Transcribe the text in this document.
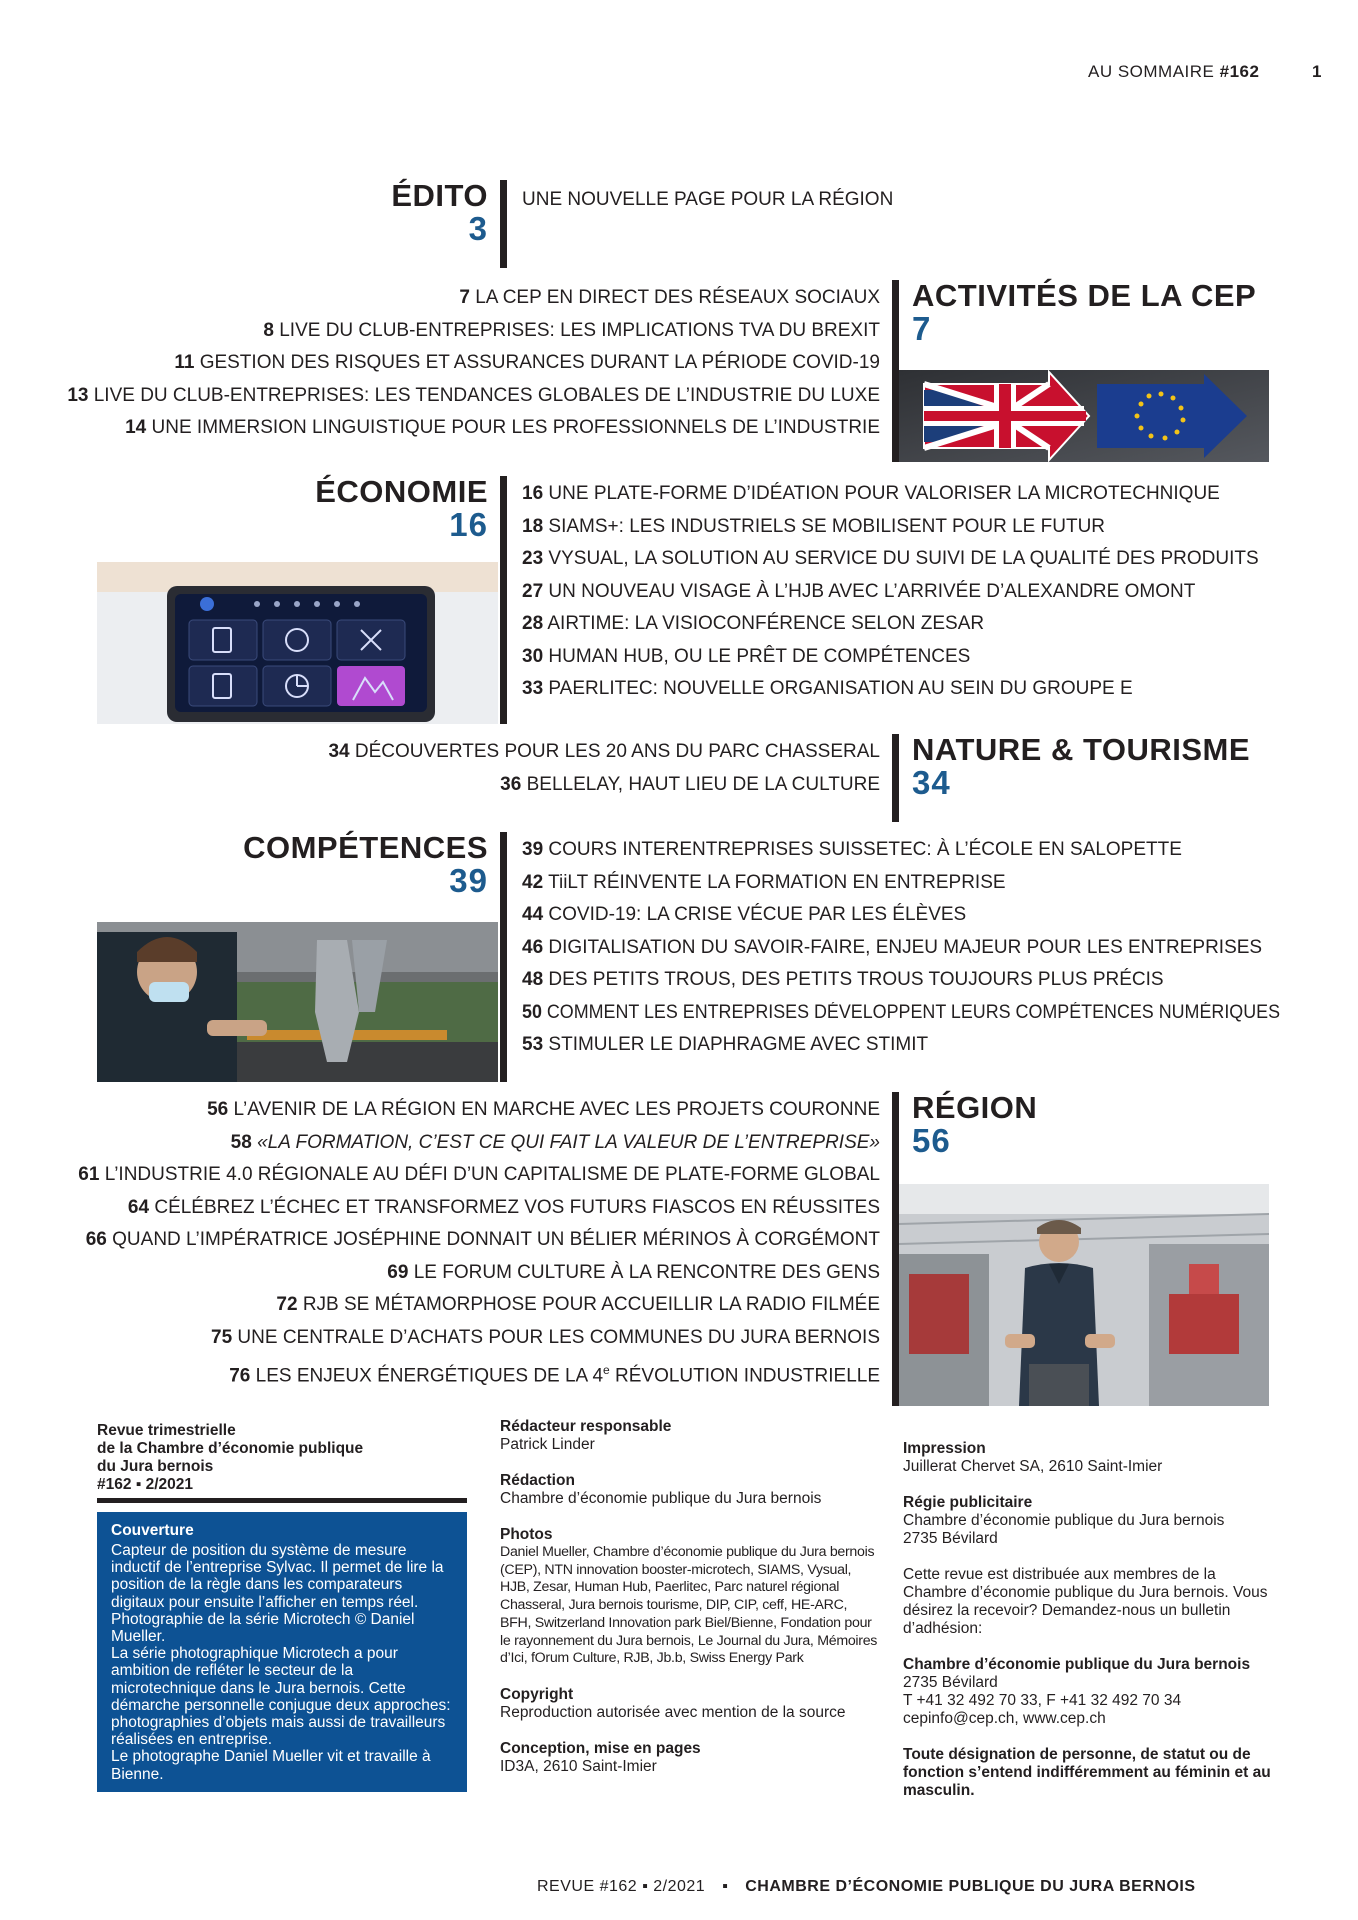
AU SOMMAIRE #162	1
ÉDITO
3
UNE NOUVELLE PAGE POUR LA RÉGION
7 LA CEP EN DIRECT DES RÉSEAUX SOCIAUX
8 LIVE DU CLUB-ENTREPRISES: LES IMPLICATIONS TVA DU BREXIT
11 GESTION DES RISQUES ET ASSURANCES DURANT LA PÉRIODE COVID-19
13 LIVE DU CLUB-ENTREPRISES: LES TENDANCES GLOBALES DE L’INDUSTRIE DU LUXE
14 UNE IMMERSION LINGUISTIQUE POUR LES PROFESSIONNELS DE L’INDUSTRIE
ACTIVITÉS DE LA CEP
7
ÉCONOMIE
16
16 UNE PLATE-FORME D’IDÉATION POUR VALORISER LA MICROTECHNIQUE
18 SIAMS+: LES INDUSTRIELS SE MOBILISENT POUR LE FUTUR
23 VYSUAL, LA SOLUTION AU SERVICE DU SUIVI DE LA QUALITÉ DES PRODUITS
27 UN NOUVEAU VISAGE À L’HJB AVEC L’ARRIVÉE D’ALEXANDRE OMONT
28 AIRTIME: LA VISIOCONFÉRENCE SELON ZESAR
30 HUMAN HUB, OU LE PRÊT DE COMPÉTENCES
33 PAERLITEC: NOUVELLE ORGANISATION AU SEIN DU GROUPE E
34 DÉCOUVERTES POUR LES 20 ANS DU PARC CHASSERAL
36 BELLELAY, HAUT LIEU DE LA CULTURE
NATURE & TOURISME
34
COMPÉTENCES
39
39 COURS INTERENTREPRISES SUISSETEC: À L’ÉCOLE EN SALOPETTE
42 TiiLT RÉINVENTE LA FORMATION EN ENTREPRISE
44 COVID-19: LA CRISE VÉCUE PAR LES ÉLÈVES
46 DIGITALISATION DU SAVOIR-FAIRE, ENJEU MAJEUR POUR LES ENTREPRISES
48 DES PETITS TROUS, DES PETITS TROUS TOUJOURS PLUS PRÉCIS
50 COMMENT LES ENTREPRISES DÉVELOPPENT LEURS COMPÉTENCES NUMÉRIQUES
53 STIMULER LE DIAPHRAGME AVEC STIMIT
56 L’AVENIR DE LA RÉGION EN MARCHE AVEC LES PROJETS COURONNE
58 «LA FORMATION, C’EST CE QUI FAIT LA VALEUR DE L’ENTREPRISE»
61 L’INDUSTRIE 4.0 RÉGIONALE AU DÉFI D’UN CAPITALISME DE PLATE-FORME GLOBAL
64 CÉLÉBREZ L’ÉCHEC ET TRANSFORMEZ VOS FUTURS FIASCOS EN RÉUSSITES
66 QUAND L’IMPÉRATRICE JOSÉPHINE DONNAIT UN BÉLIER MÉRINOS À CORGÉMONT
69 LE FORUM CULTURE À LA RENCONTRE DES GENS
72 RJB SE MÉTAMORPHOSE POUR ACCUEILLIR LA RADIO FILMÉE
75 UNE CENTRALE D’ACHATS POUR LES COMMUNES DU JURA BERNOIS
76 LES ENJEUX ÉNERGÉTIQUES DE LA 4e RÉVOLUTION INDUSTRIELLE
RÉGION
56
Revue trimestrielle
de la Chambre d’économie publique
du Jura bernois
#162 ▪ 2/2021
Couverture
Capteur de position du système de mesure inductif de l’entreprise Sylvac. Il permet de lire la position de la règle dans les comparateurs digitaux pour ensuite l’afficher en temps réel. Photographie de la série Microtech © Daniel Mueller.
La série photographique Microtech a pour ambition de refléter le secteur de la microtechnique dans le Jura bernois. Cette démarche personnelle conjugue deux approches: photographies d’objets mais aussi de travailleurs réalisées en entreprise.
Le photographe Daniel Mueller vit et travaille à Bienne.
Rédacteur responsable
Patrick Linder
Rédaction
Chambre d’économie publique du Jura bernois
Photos
Daniel Mueller, Chambre d’économie publique du Jura bernois (CEP), NTN innovation booster-microtech, SIAMS, Vysual, HJB, Zesar, Human Hub, Paerlitec, Parc naturel régional Chasseral, Jura bernois tourisme, DIP, CIP, ceff, HE-ARC, BFH, Switzerland Innovation park Biel/Bienne, Fondation pour le rayonnement du Jura bernois, Le Journal du Jura, Mémoires d’Ici, fOrum Culture, RJB, Jb.b, Swiss Energy Park
Copyright
Reproduction autorisée avec mention de la source
Conception, mise en pages
ID3A, 2610 Saint-Imier
Impression
Juillerat Chervet SA, 2610 Saint-Imier
Régie publicitaire
Chambre d’économie publique du Jura bernois
2735 Bévilard
Cette revue est distribuée aux membres de la Chambre d’économie publique du Jura bernois. Vous désirez la recevoir? Demandez-nous un bulletin d’adhésion:
Chambre d’économie publique du Jura bernois
2735 Bévilard
T +41 32 492 70 33, F +41 32 492 70 34
cepinfo@cep.ch, www.cep.ch
Toute désignation de personne, de statut ou de fonction s’entend indifféremment au féminin et au masculin.
REVUE #162 ▪ 2/2021 ▪ CHAMBRE D’ÉCONOMIE PUBLIQUE DU JURA BERNOIS
